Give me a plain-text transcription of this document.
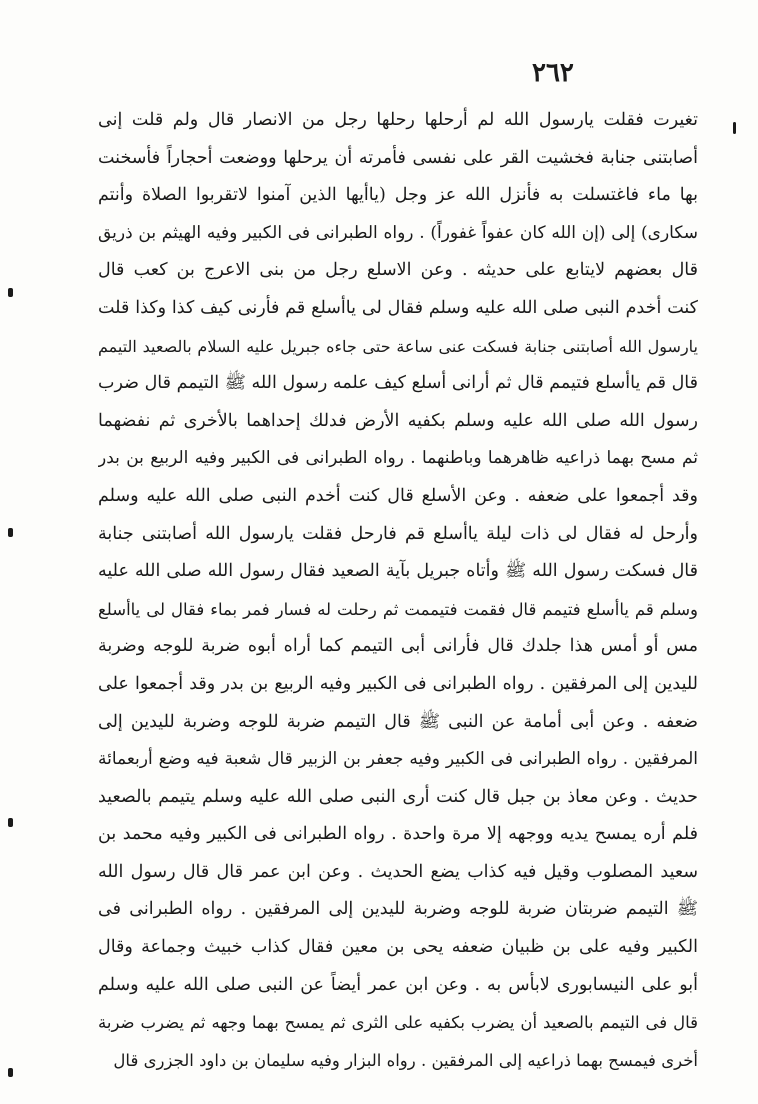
٢٦٢
تغيرت فقلت يارسول الله لم أرحلها رحلها رجل من الانصار قال ولم قلت إنى
أصابتنى جنابة فخشيت القر على نفسى فأمرته أن يرحلها ووضعت أحجاراً فأسخنت
بها ماء فاغتسلت به فأنزل الله عز وجل (ياأيها الذين آمنوا لاتقربوا الصلاة وأنتم
سكارى) إلى (إن الله كان عفواً غفوراً) . رواه الطبرانى فى الكبير وفيه الهيثم بن ذريق
قال بعضهم لايتابع على حديثه . وعن الاسلع رجل من بنى الاعرج بن كعب قال
كنت أخدم النبى صلى الله عليه وسلم فقال لى ياأسلع قم فأرنى كيف كذا وكذا قلت
يارسول الله أصابتنى جنابة فسكت عنى ساعة حتى جاءه جبريل عليه السلام بالصعيد التيمم
قال قم ياأسلع فتيمم قال ثم أرانى أسلع كيف علمه رسول الله ﷺ التيمم قال ضرب
رسول الله صلى الله عليه وسلم بكفيه الأرض فدلك إحداهما بالأخرى ثم نفضهما
ثم مسح بهما ذراعيه ظاهرهما وباطنهما . رواه الطبرانى فى الكبير وفيه الربيع بن بدر
وقد أجمعوا على ضعفه . وعن الأسلع قال كنت أخدم النبى صلى الله عليه وسلم
وأرحل له فقال لى ذات ليلة ياأسلع قم فارحل فقلت يارسول الله أصابتنى جنابة
قال فسكت رسول الله ﷺ وأتاه جبريل بآية الصعيد فقال رسول الله صلى الله عليه
وسلم قم ياأسلع فتيمم قال فقمت فتيممت ثم رحلت له فسار فمر بماء فقال لى ياأسلع
مس أو أمس هذا جلدك قال فأرانى أبى التيمم كما أراه أبوه ضربة للوجه وضربة
لليدين إلى المرفقين . رواه الطبرانى فى الكبير وفيه الربيع بن بدر وقد أجمعوا على
ضعفه . وعن أبى أمامة عن النبى ﷺ قال التيمم ضربة للوجه وضربة لليدين إلى
المرفقين . رواه الطبرانى فى الكبير وفيه جعفر بن الزبير قال شعبة فيه وضع أربعمائة
حديث . وعن معاذ بن جبل قال كنت أرى النبى صلى الله عليه وسلم يتيمم بالصعيد
فلم أره يمسح يديه ووجهه إلا مرة واحدة . رواه الطبرانى فى الكبير وفيه محمد بن
سعيد المصلوب وقيل فيه كذاب يضع الحديث . وعن ابن عمر قال قال رسول الله
ﷺ التيمم ضربتان ضربة للوجه وضربة لليدين إلى المرفقين . رواه الطبرانى فى
الكبير وفيه على بن ظبيان ضعفه يحى بن معين فقال كذاب خبيث وجماعة وقال
أبو على النيسابورى لابأس به . وعن ابن عمر أيضاً عن النبى صلى الله عليه وسلم
قال فى التيمم بالصعيد أن يضرب بكفيه على الثرى ثم يمسح بهما وجهه ثم يضرب ضربة
أخرى فيمسح بهما ذراعيه إلى المرفقين . رواه البزار وفيه سليمان بن داود الجزرى قال
